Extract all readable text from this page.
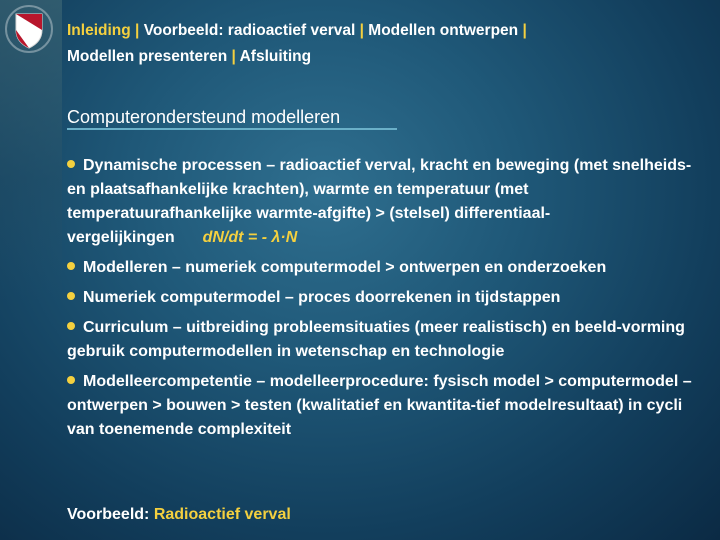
Inleiding | Voorbeeld: radioactief verval | Modellen ontwerpen |
Modellen presenteren | Afsluiting
Computerondersteund modelleren
Dynamische processen – radioactief verval, kracht en beweging (met snelheids- en plaatsafhankelijke krachten), warmte en temperatuur (met temperatuurafhankelijke warmte-afgifte) > (stelsel) differentiaal-vergelijkingen dN/dt = - λ·N
Modelleren – numeriek computermodel > ontwerpen en onderzoeken
Numeriek computermodel – proces doorrekenen in tijdstappen
Curriculum – uitbreiding probleemsituaties (meer realistisch) en beeld-vorming gebruik computermodellen in wetenschap en technologie
Modelleercompetentie – modelleerprocedure: fysisch model > computermodel – ontwerpen > bouwen > testen (kwalitatief en kwantita-tief modelresultaat) in cycli van toenemende complexiteit
Voorbeeld: Radioactief verval
